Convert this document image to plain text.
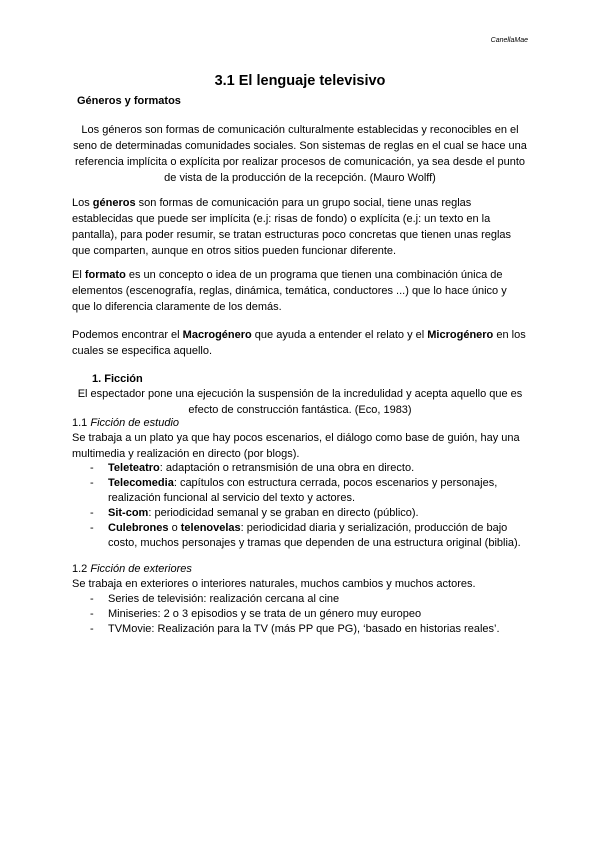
CanellaMae
3.1 El lenguaje televisivo
Géneros y formatos
Los géneros son formas de comunicación culturalmente establecidas y reconocibles en el seno de determinadas comunidades sociales. Son sistemas de reglas en el cual se hace una referencia implícita o explícita por realizar procesos de comunicación, ya sea desde el punto de vista de la producción de la recepción. (Mauro Wolff)
Los géneros son formas de comunicación para un grupo social, tiene unas reglas establecidas que puede ser implícita (e.j: risas de fondo) o explícita (e.j: un texto en la pantalla), para poder resumir, se tratan estructuras poco concretas que tienen unas reglas que comparten, aunque en otros sitios pueden funcionar diferente.
El formato es un concepto o idea de un programa que tienen una combinación única de elementos (escenografía, reglas, dinámica, temática, conductores ...) que lo hace único y que lo diferencia claramente de los demás.
Podemos encontrar el Macrogénero que ayuda a entender el relato y el Microgénero en los cuales se especifica aquello.
1. Ficción
El espectador pone una ejecución la suspensión de la incredulidad y acepta aquello que es efecto de construcción fantástica. (Eco, 1983)
1.1 Ficción de estudio
Se trabaja a un plato ya que hay pocos escenarios, el diálogo como base de guión, hay una multimedia y realización en directo (por blogs).
- Teleteatro: adaptación o retransmisión de una obra en directo.
- Telecomedia: capítulos con estructura cerrada, pocos escenarios y personajes, realización funcional al servicio del texto y actores.
- Sit-com: periodicidad semanal y se graban en directo (público).
- Culebrones o telenovelas: periodicidad diaria y serialización, producción de bajo costo, muchos personajes y tramas que dependen de una estructura original (biblia).
1.2 Ficción de exteriores
Se trabaja en exteriores o interiores naturales, muchos cambios y muchos actores.
- Series de televisión: realización cercana al cine
- Miniseries: 2 o 3 episodios y se trata de un género muy europeo
- TVMovie: Realización para la TV (más PP que PG), ‘basado en historias reales’.
